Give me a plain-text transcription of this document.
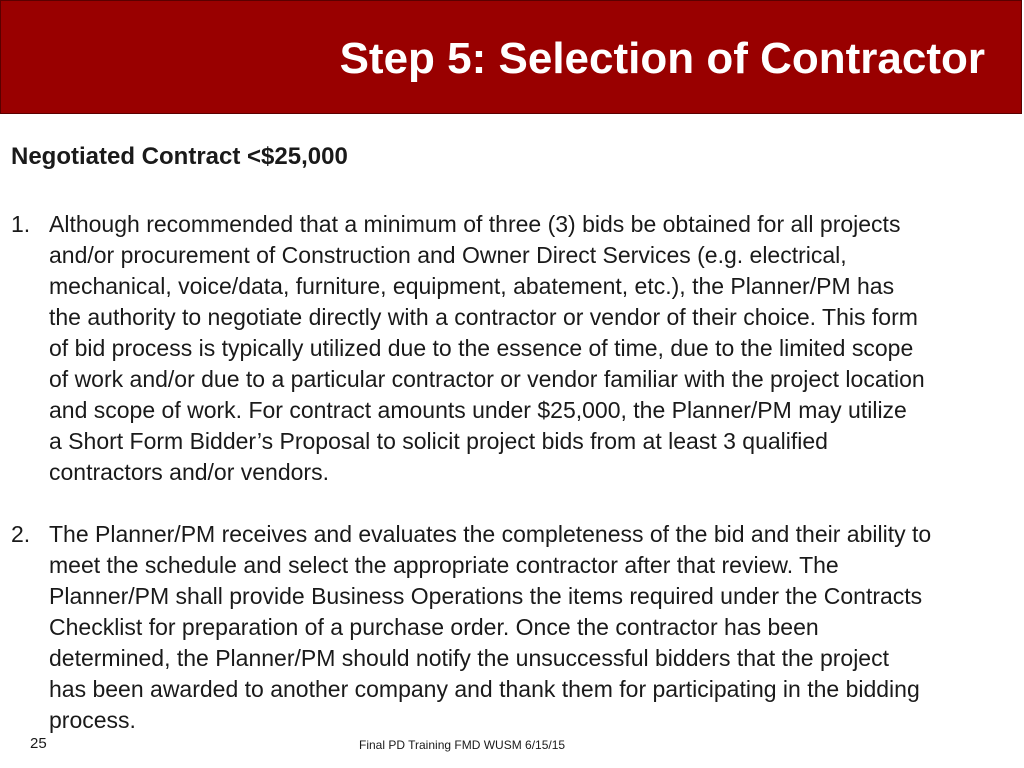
Step 5: Selection of Contractor
Negotiated Contract <$25,000
1. Although recommended that a minimum of three (3) bids be obtained for all projects
and/or procurement of Construction and Owner Direct Services (e.g. electrical,
mechanical, voice/data, furniture, equipment, abatement, etc.), the Planner/PM has
the authority to negotiate directly with a contractor or vendor of their choice. This form
of bid process is typically utilized due to the essence of time, due to the limited scope
of work and/or due to a particular contractor or vendor familiar with the project location
and scope of work. For contract amounts under $25,000, the Planner/PM may utilize
a Short Form Bidder’s Proposal to solicit project bids from at least 3 qualified
contractors and/or vendors.
2. The Planner/PM receives and evaluates the completeness of the bid and their ability to
meet the schedule and select the appropriate contractor after that review. The
Planner/PM shall provide Business Operations the items required under the Contracts
Checklist for preparation of a purchase order. Once the contractor has been
determined, the Planner/PM should notify the unsuccessful bidders that the project
has been awarded to another company and thank them for participating in the bidding
process.
25	Final PD Training FMD WUSM 6/15/15
